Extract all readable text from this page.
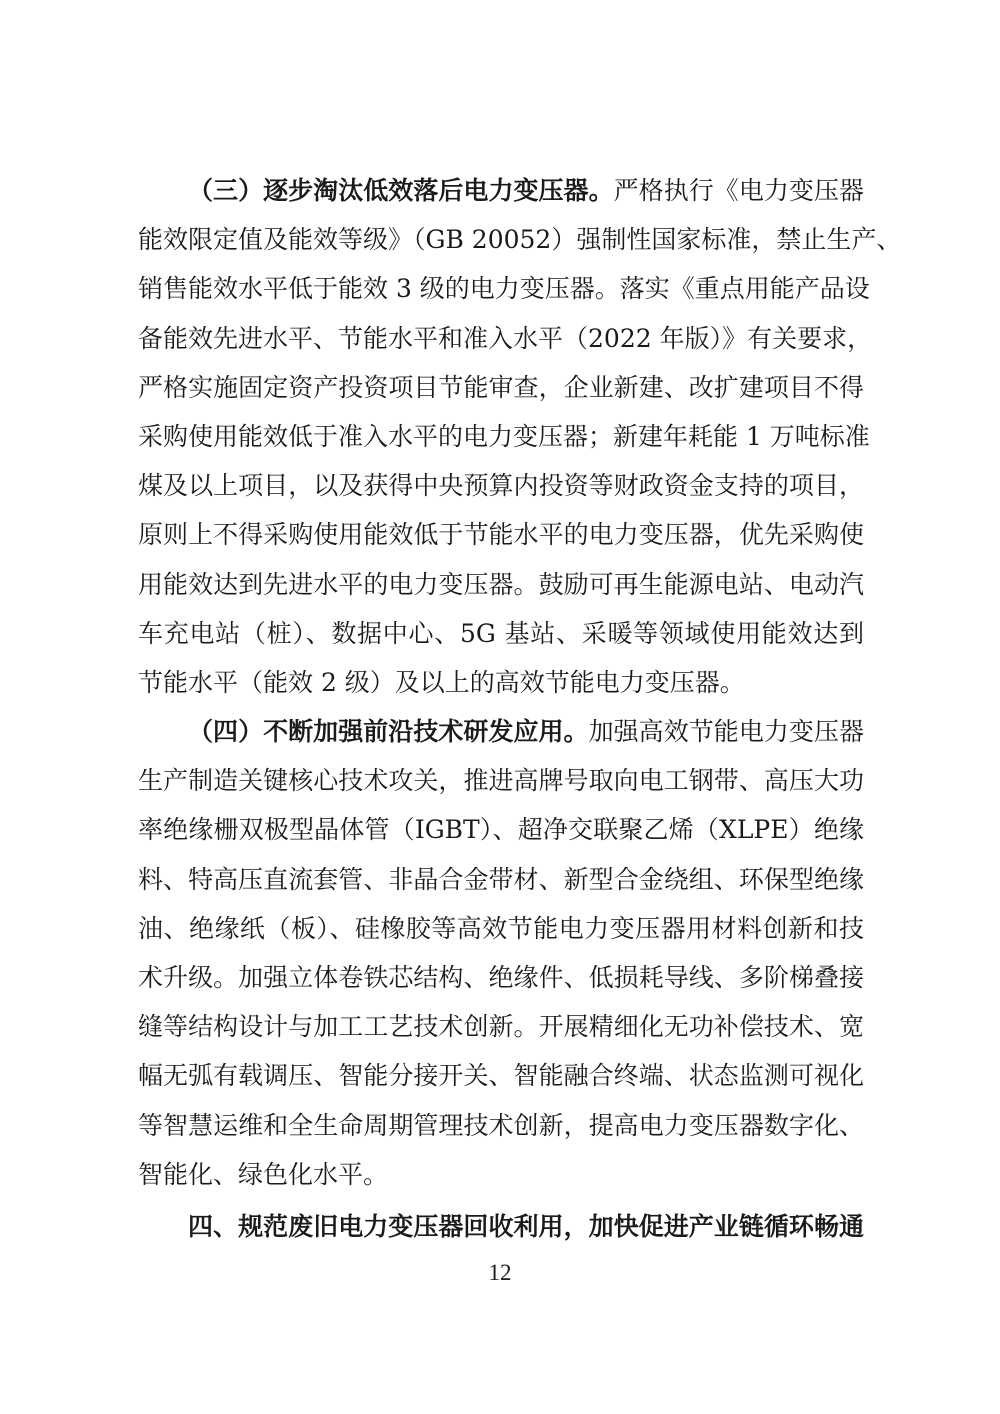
（三）逐步淘汰低效落后电力变压器。严格执行《电力变压器
能效限定值及能效等级》（GB 20052）强制性国家标准，禁止生产、
销售能效水平低于能效 3 级的电力变压器。落实《重点用能产品设
备能效先进水平、节能水平和准入水平（2022 年版）》有关要求，
严格实施固定资产投资项目节能审查，企业新建、改扩建项目不得
采购使用能效低于准入水平的电力变压器；新建年耗能 1 万吨标准
煤及以上项目，以及获得中央预算内投资等财政资金支持的项目，
原则上不得采购使用能效低于节能水平的电力变压器，优先采购使
用能效达到先进水平的电力变压器。鼓励可再生能源电站、电动汽
车充电站（桩）、数据中心、5G 基站、采暖等领域使用能效达到
节能水平（能效 2 级）及以上的高效节能电力变压器。
（四）不断加强前沿技术研发应用。加强高效节能电力变压器
生产制造关键核心技术攻关，推进高牌号取向电工钢带、高压大功
率绝缘栅双极型晶体管（IGBT）、超净交联聚乙烯（XLPE）绝缘
料、特高压直流套管、非晶合金带材、新型合金绕组、环保型绝缘
油、绝缘纸（板）、硅橡胶等高效节能电力变压器用材料创新和技
术升级。加强立体卷铁芯结构、绝缘件、低损耗导线、多阶梯叠接
缝等结构设计与加工工艺技术创新。开展精细化无功补偿技术、宽
幅无弧有载调压、智能分接开关、智能融合终端、状态监测可视化
等智慧运维和全生命周期管理技术创新，提高电力变压器数字化、
智能化、绿色化水平。
四、规范废旧电力变压器回收利用，加快促进产业链循环畅通
12
